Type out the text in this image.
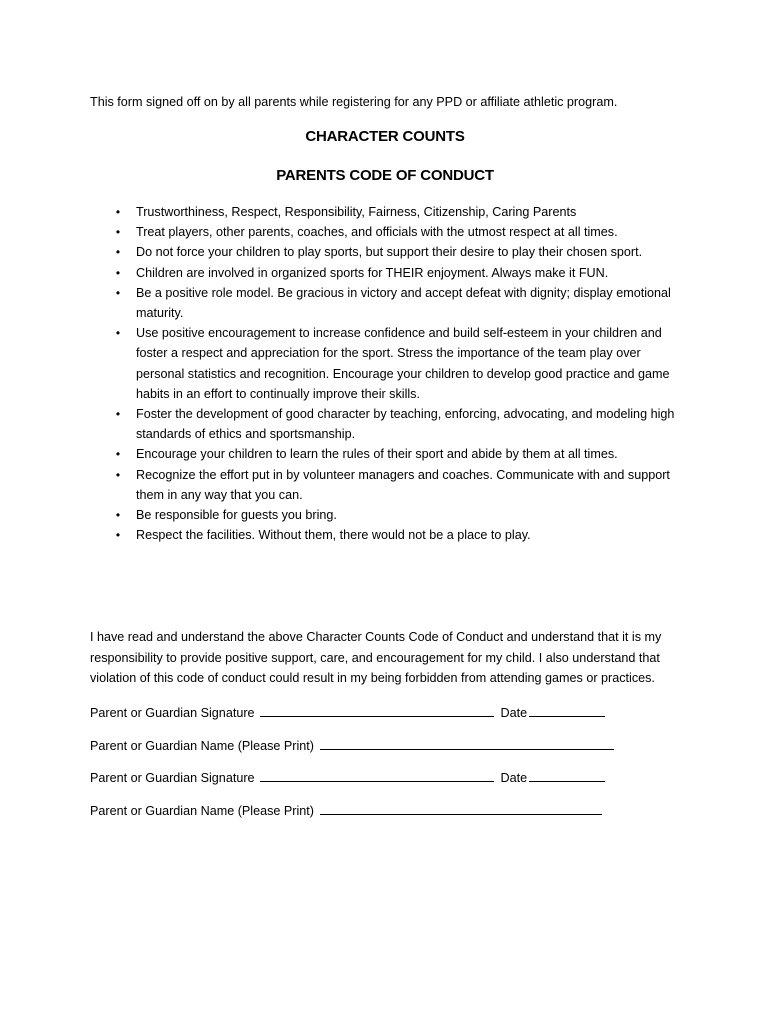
This form signed off on by all parents while registering for any PPD or affiliate athletic program.
CHARACTER COUNTS
PARENTS CODE OF CONDUCT
• Trustworthiness, Respect, Responsibility, Fairness, Citizenship, Caring Parents
• Treat players, other parents, coaches, and officials with the utmost respect at all times.
• Do not force your children to play sports, but support their desire to play their chosen sport.
• Children are involved in organized sports for THEIR enjoyment. Always make it FUN.
• Be a positive role model. Be gracious in victory and accept defeat with dignity; display emotional maturity.
• Use positive encouragement to increase confidence and build self-esteem in your children and foster a respect and appreciation for the sport. Stress the importance of the team play over personal statistics and recognition. Encourage your children to develop good practice and game habits in an effort to continually improve their skills.
• Foster the development of good character by teaching, enforcing, advocating, and modeling high standards of ethics and sportsmanship.
• Encourage your children to learn the rules of their sport and abide by them at all times.
• Recognize the effort put in by volunteer managers and coaches. Communicate with and support them in any way that you can.
• Be responsible for guests you bring.
• Respect the facilities. Without them, there would not be a place to play.
I have read and understand the above Character Counts Code of Conduct and understand that it is my responsibility to provide positive support, care, and encouragement for my child. I also understand that violation of this code of conduct could result in my being forbidden from attending games or practices.
Parent or Guardian Signature	Date
Parent or Guardian Name (Please Print)
Parent or Guardian Signature	Date
Parent or Guardian Name (Please Print)
